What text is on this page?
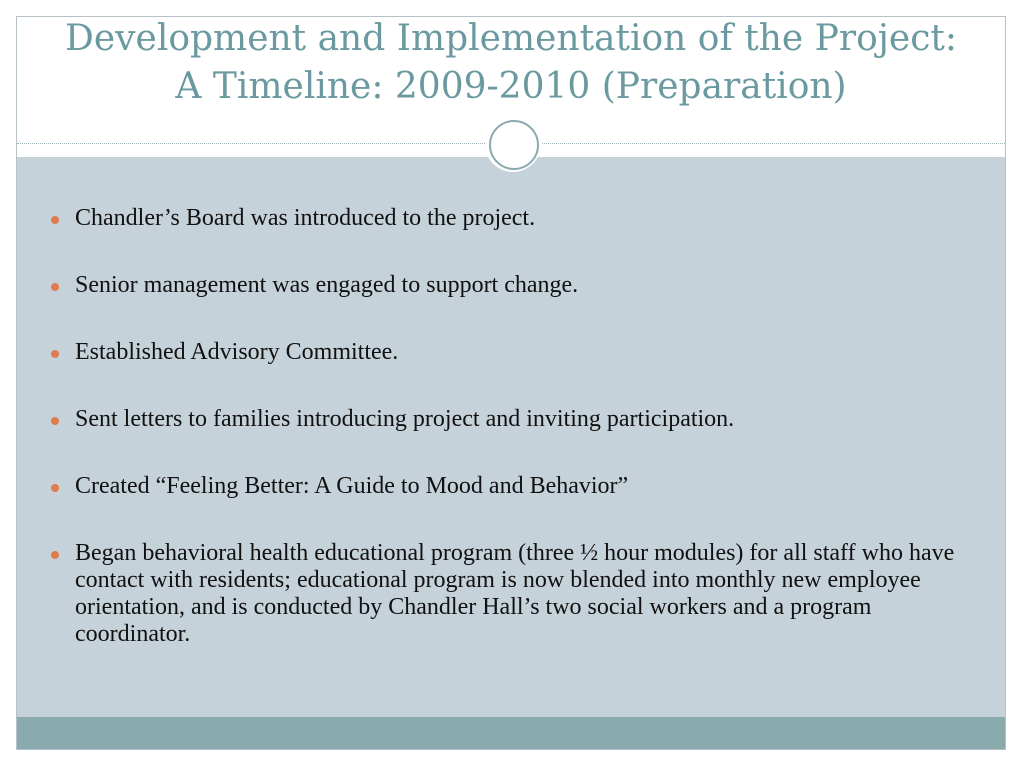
Development and Implementation of the Project:
A Timeline: 2009-2010 (Preparation)
Chandler’s Board was introduced to the project.
Senior management was engaged to support change.
Established Advisory Committee.
Sent letters to families introducing project and inviting participation.
Created “Feeling Better: A Guide to Mood and Behavior”
Began behavioral health educational program (three ½ hour modules) for all staff who have contact with residents; educational program is now blended into monthly new employee orientation, and is conducted by Chandler Hall’s two social workers and a program coordinator.
